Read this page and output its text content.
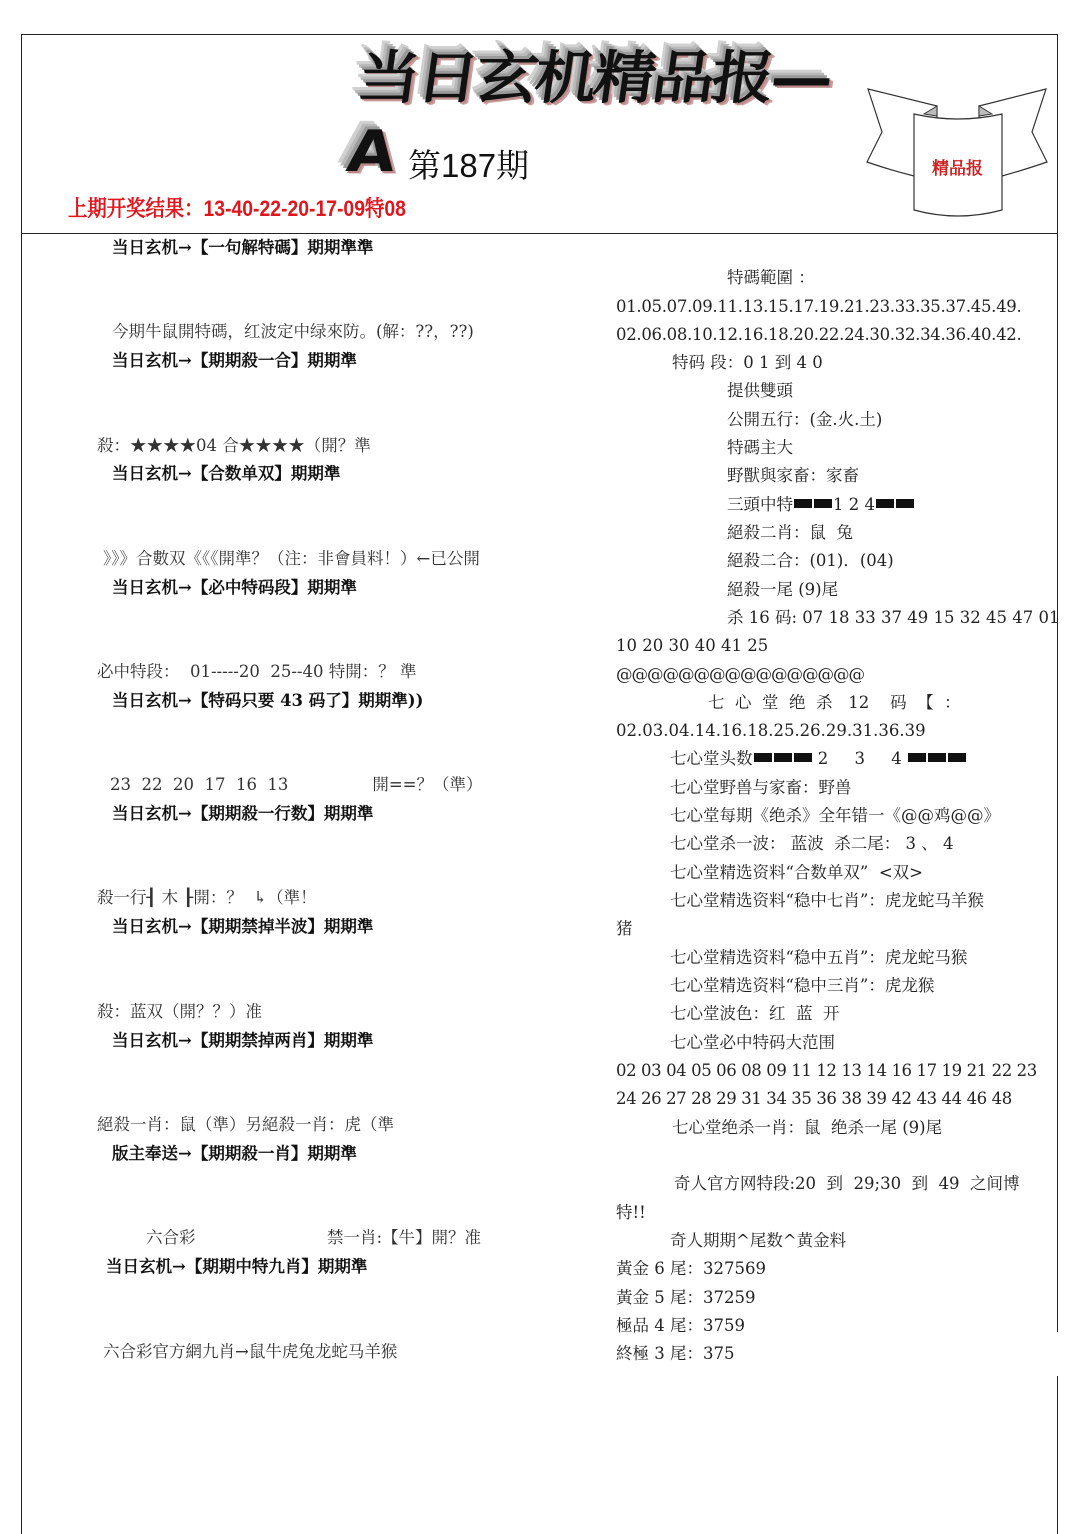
当日玄机精品报—A 第187期
上期开奖结果：13-40-22-20-17-09特08
精品报
当日玄机→【一句解特碼】期期準準
今期牛鼠開特碼，红波定中绿來防。(解：??，??)
当日玄机→【期期殺一合】期期準
殺：★★★★04 合★★★★（開？準
当日玄机→【合数单双】期期準
》》》合數双《《《開準？（注：非會員料！）←已公開
当日玄机→【必中特码段】期期準
必中特段：  01-----20  25--40 特開：？ 準
当日玄机→【特码只要 43 码了】期期準))
23  22  20  17  16  13                開==？（準）
当日玄机→【期期殺一行数】期期準
殺一行┨ 木 ┠開：？  ↳（準！
当日玄机→【期期禁掉半波】期期準
殺：蓝双（開？？）准
当日玄机→【期期禁掉两肖】期期準
絕殺一肖：鼠（準）另絕殺一肖：虎（準
版主奉送→【期期殺一肖】期期準
六合彩	禁一肖:【牛】開？准
当日玄机→【期期中特九肖】期期準
六合彩官方網九肖→鼠牛虎兔龙蛇马羊猴
特碼範圍 ：
01.05.07.09.11.13.15.17.19.21.23.33.35.37.45.49.
02.06.08.10.12.16.18.20.22.24.30.32.34.36.40.42.
特码 段：0 1 到 4 0
提供雙頭
公開五行：(金.火.土)
特碼主大
野獸與家畜：家畜
三頭中特 1 2 4
絕殺二肖：鼠  兔
絕殺二合：(01)．(04)
絕殺一尾 (9)尾
杀 16 码: 07 18 33 37 49 15 32 45 47 01
10 20 30 40 41 25
@@@@@@@@@@@@@@@@
七  心  堂  绝  杀   12    码  【  ：
02.03.04.14.16.18.25.26.29.31.36.39
七心堂头数	2     3     4
七心堂野兽与家畜：野兽
七心堂每期《绝杀》全年错一《@@鸡@@》
七心堂杀一波： 蓝波  杀二尾： 3 、 4
七心堂精选资料“合数单双”  <双>
七心堂精选资料“稳中七肖”：虎龙蛇马羊猴
猪
七心堂精选资料“稳中五肖”：虎龙蛇马猴
七心堂精选资料“稳中三肖”：虎龙猴
七心堂波色：红  蓝  开
七心堂必中特码大范围
02 03 04 05 06 08 09 11 12 13 14 16 17 19 21 22 23
24 26 27 28 29 31 34 35 36 38 39 42 43 44 46 48
七心堂绝杀一肖：鼠  绝杀一尾 (9)尾
奇人官方网特段:20  到  29;30  到  49  之间博
特!!
奇人期期^尾数^黄金料
黃金 6 尾：327569
黃金 5 尾：37259
極品 4 尾：3759
終極 3 尾：375
